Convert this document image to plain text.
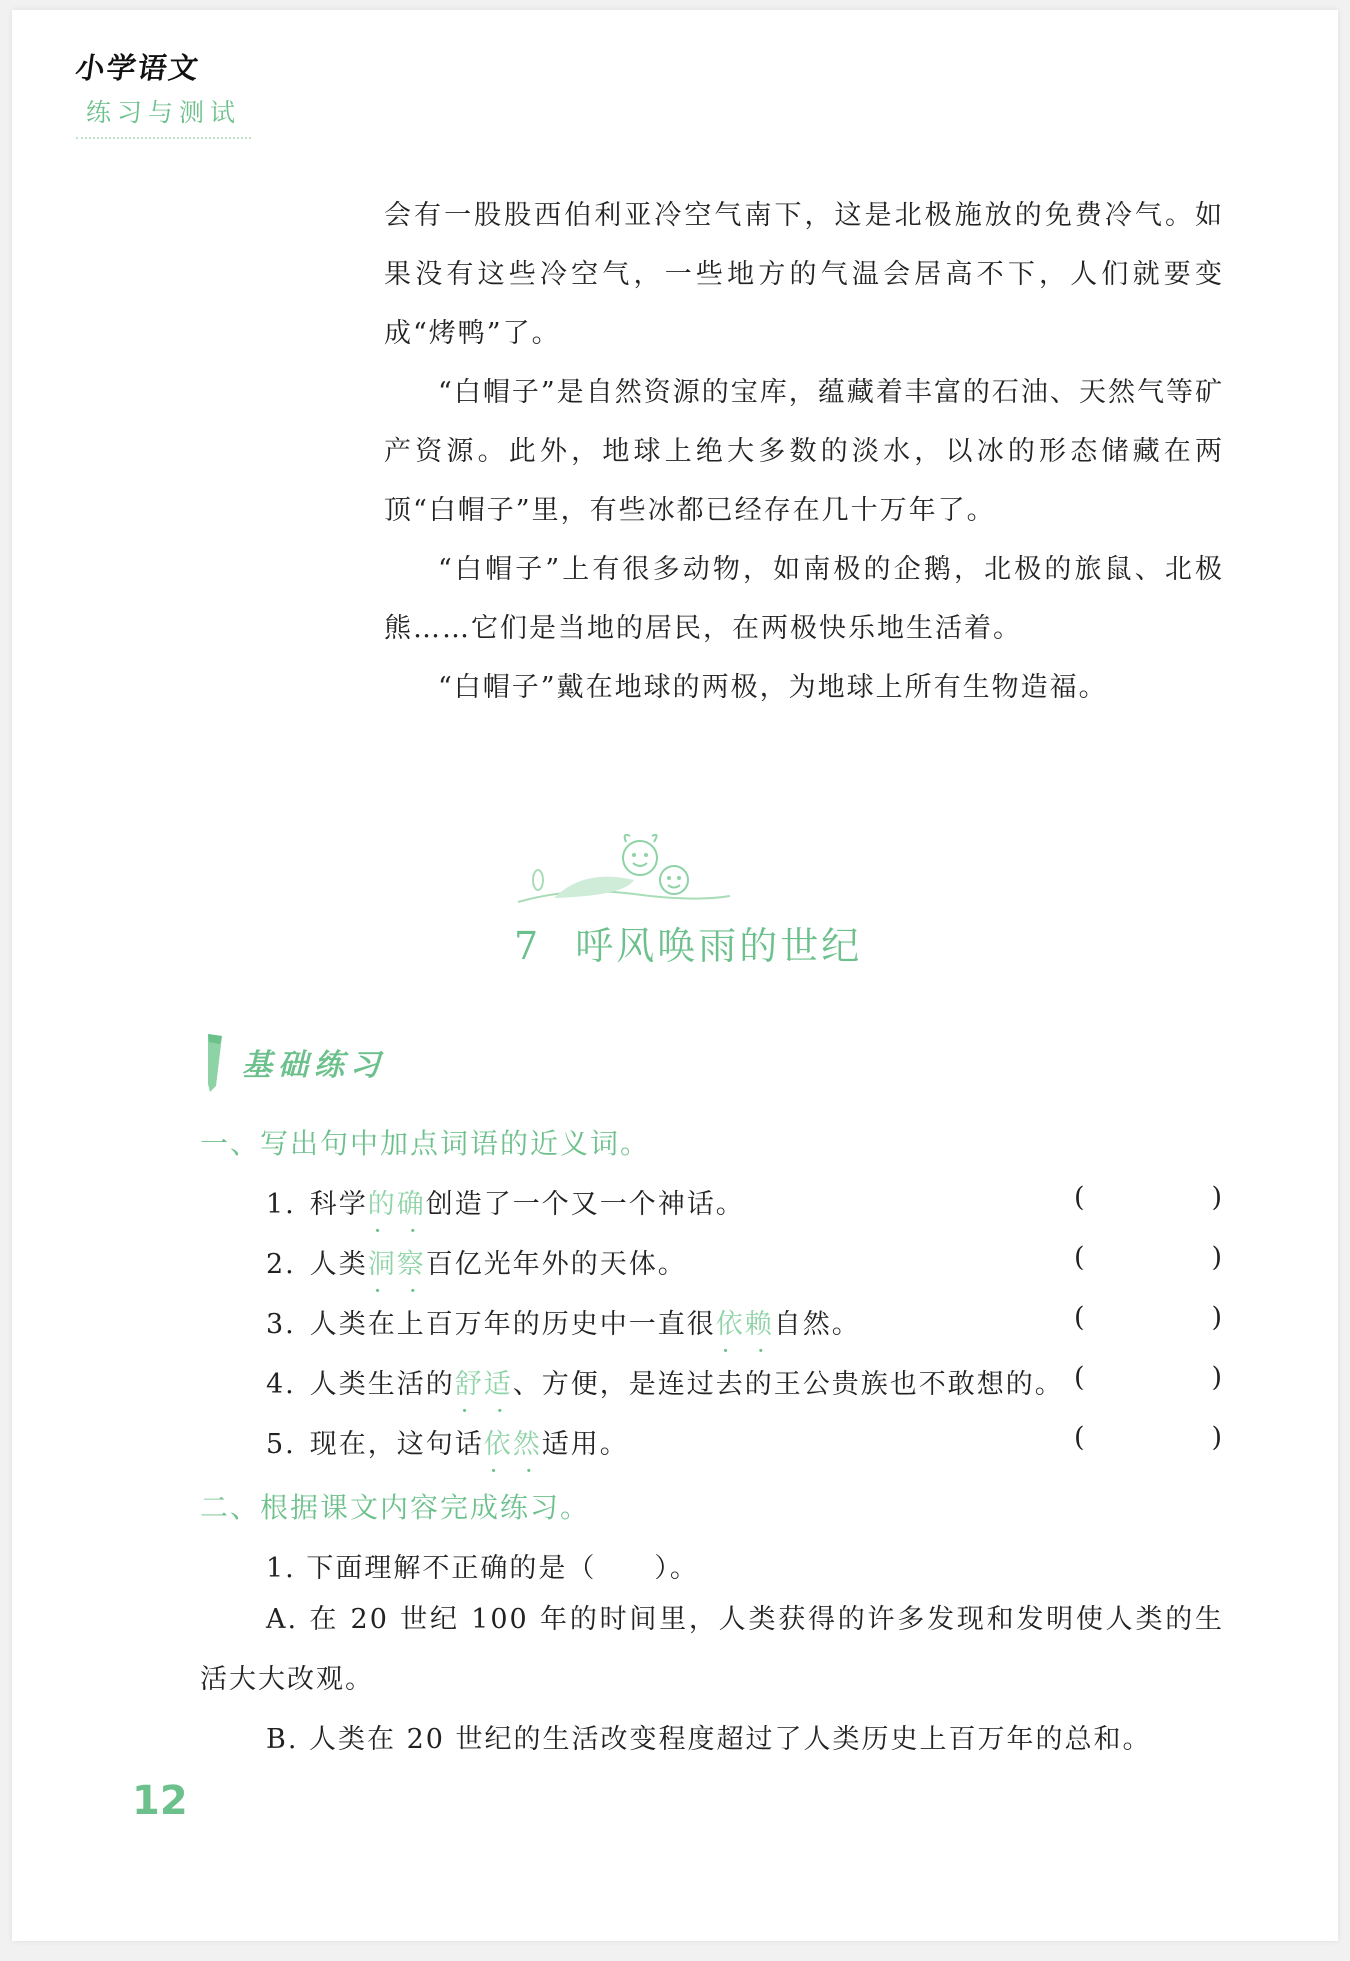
小学语文
练习与测试

会有一股股西伯利亚冷空气南下，这是北极施放的免费冷气。如果没有这些冷空气，一些地方的气温会居高不下，人们就要变成“烤鸭”了。

“白帽子”是自然资源的宝库，蕴藏着丰富的石油、天然气等矿产资源。此外，地球上绝大多数的淡水，以冰的形态储藏在两顶“白帽子”里，有些冰都已经存在几十万年了。

“白帽子”上有很多动物，如南极的企鹅，北极的旅鼠、北极熊……它们是当地的居民，在两极快乐地生活着。

“白帽子”戴在地球的两极，为地球上所有生物造福。

7 呼风唤雨的世纪
基础练习
一、写出句中加点词语的近义词。
1. 科学的确 · ·创造了一个又一个神话。	(	)
2. 人类洞察 · ·百亿光年外的天体。	(	)
3. 人类在上百万年的历史中一直很依赖 · ·自然。	(	)
4. 人类生活的舒适 · ·、方便，是连过去的王公贵族也不敢想的。 (	)
5. 现在，这句话依然 · ·适用。	(	)
二、根据课文内容完成练习。
1. 下面理解不正确的是（　　）。

A. 在 20 世纪 100 年的时间里，人类获得的许多发现和发明使人类的生活大大改观。

B. 人类在 20 世纪的生活改变程度超过了人类历史上百万年的总和。

12
